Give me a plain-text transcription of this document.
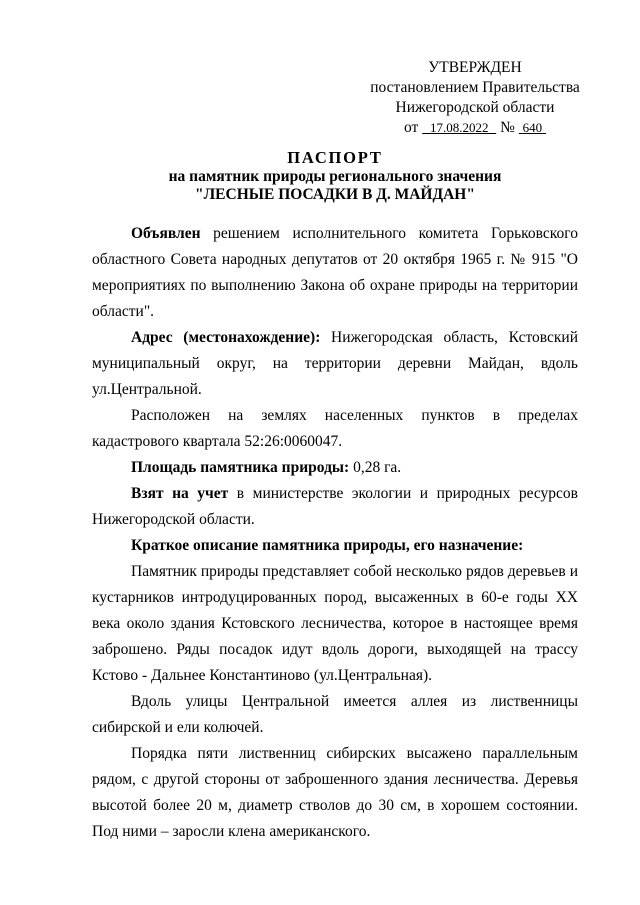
УТВЕРЖДЕН
постановлением Правительства
Нижегородской области
от 17.08.2022 № 640
ПАСПОРТ
на памятник природы регионального значения
"ЛЕСНЫЕ ПОСАДКИ В Д. МАЙДАН"

Объявлен решением исполнительного комитета Горьковского областного Совета народных депутатов от 20 октября 1965 г. № 915 "О мероприятиях по выполнению Закона об охране природы на территории области".

Адрес (местонахождение): Нижегородская область, Кстовский муниципальный округ, на территории деревни Майдан, вдоль ул.Центральной.

Расположен на землях населенных пунктов в пределах кадастрового квартала 52:26:0060047.

Площадь памятника природы: 0,28 га.

Взят на учет в министерстве экологии и природных ресурсов Нижегородской области.

Краткое описание памятника природы, его назначение:

Памятник природы представляет собой несколько рядов деревьев и кустарников интродуцированных пород, высаженных в 60-е годы XX века около здания Кстовского лесничества, которое в настоящее время заброшено. Ряды посадок идут вдоль дороги, выходящей на трассу Кстово - Дальнее Константиново (ул.Центральная).

Вдоль улицы Центральной имеется аллея из лиственницы сибирской и ели колючей.

Порядка пяти лиственниц сибирских высажено параллельным рядом, с другой стороны от заброшенного здания лесничества. Деревья высотой более 20 м, диаметр стволов до 30 см, в хорошем состоянии. Под ними – заросли клена американского.
